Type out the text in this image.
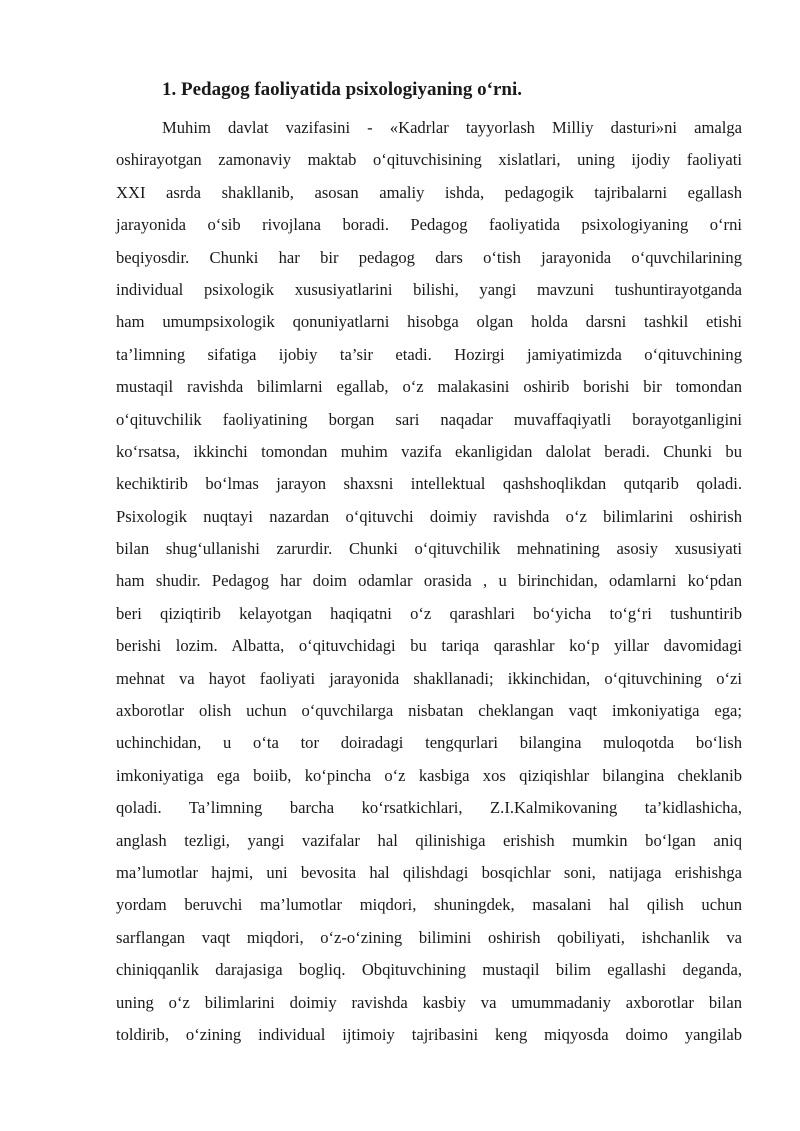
1. Pedagog faoliyatida psixologiyaning o‘rni.
Muhim davlat vazifasini - «Kadrlar tayyorlash Milliy dasturi»ni amalga
oshirayotgan zamonaviy maktab o‘qituvchisining xislatlari, uning ijodiy faoliyati
XXI asrda shakllanib, asosan amaliy ishda, pedagogik tajribalarni egallash
jarayonida o‘sib rivojlana boradi. Pedagog faoliyatida psixologiyaning o‘rni
beqiyosdir. Chunki har bir pedagog dars o‘tish jarayonida o‘quvchilarining
individual psixologik xususiyatlarini bilishi, yangi mavzuni tushuntirayotganda
ham umumpsixologik qonuniyatlarni hisobga olgan holda darsni tashkil etishi
ta’limning sifatiga ijobiy ta’sir etadi. Hozirgi jamiyatimizda o‘qituvchining
mustaqil ravishda bilimlarni egallab, o‘z malakasini oshirib borishi bir tomondan
o‘qituvchilik faoliyatining borgan sari naqadar muvaffaqiyatli borayotganligini
ko‘rsatsa, ikkinchi tomondan muhim vazifa ekanligidan dalolat beradi. Chunki bu
kechiktirib bo‘lmas jarayon shaxsni intellektual qashshoqlikdan qutqarib qoladi.
Psixologik nuqtayi nazardan o‘qituvchi doimiy ravishda o‘z bilimlarini oshirish
bilan shug‘ullanishi zarurdir. Chunki o‘qituvchilik mehnatining asosiy xususiyati
ham shudir. Pedagog har doim odamlar orasida , u birinchidan, odamlarni ko‘pdan
beri qiziqtirib kelayotgan haqiqatni o‘z qarashlari bo‘yicha to‘g‘ri tushuntirib
berishi lozim. Albatta, o‘qituvchidagi bu tariqa qarashlar ko‘p yillar davomidagi
mehnat va hayot faoliyati jarayonida shakllanadi; ikkinchidan, o‘qituvchining o‘zi
axborotlar olish uchun o‘quvchilarga nisbatan cheklangan vaqt imkoniyatiga ega;
uchinchidan, u o‘ta tor doiradagi tengqurlari bilangina muloqotda bo‘lish
imkoniyatiga ega boiib, ko‘pincha o‘z kasbiga xos qiziqishlar bilangina cheklanib
qoladi. Ta’limning barcha ko‘rsatkichlari, Z.I.Kalmikovaning ta’kidlashicha,
anglash tezligi, yangi vazifalar hal qilinishiga erishish mumkin bo‘lgan aniq
ma’lumotlar hajmi, uni bevosita hal qilishdagi bosqichlar soni, natijaga erishishga
yordam beruvchi ma’lumotlar miqdori, shuningdek, masalani hal qilish uchun
sarflangan vaqt miqdori, o‘z-o‘zining bilimini oshirish qobiliyati, ishchanlik va
chiniqqanlik darajasiga bogliq. Obqituvchining mustaqil bilim egallashi deganda,
uning o‘z bilimlarini doimiy ravishda kasbiy va umummadaniy axborotlar bilan
toldirib, o‘zining individual ijtimoiy tajribasini keng miqyosda doimo yangilab
